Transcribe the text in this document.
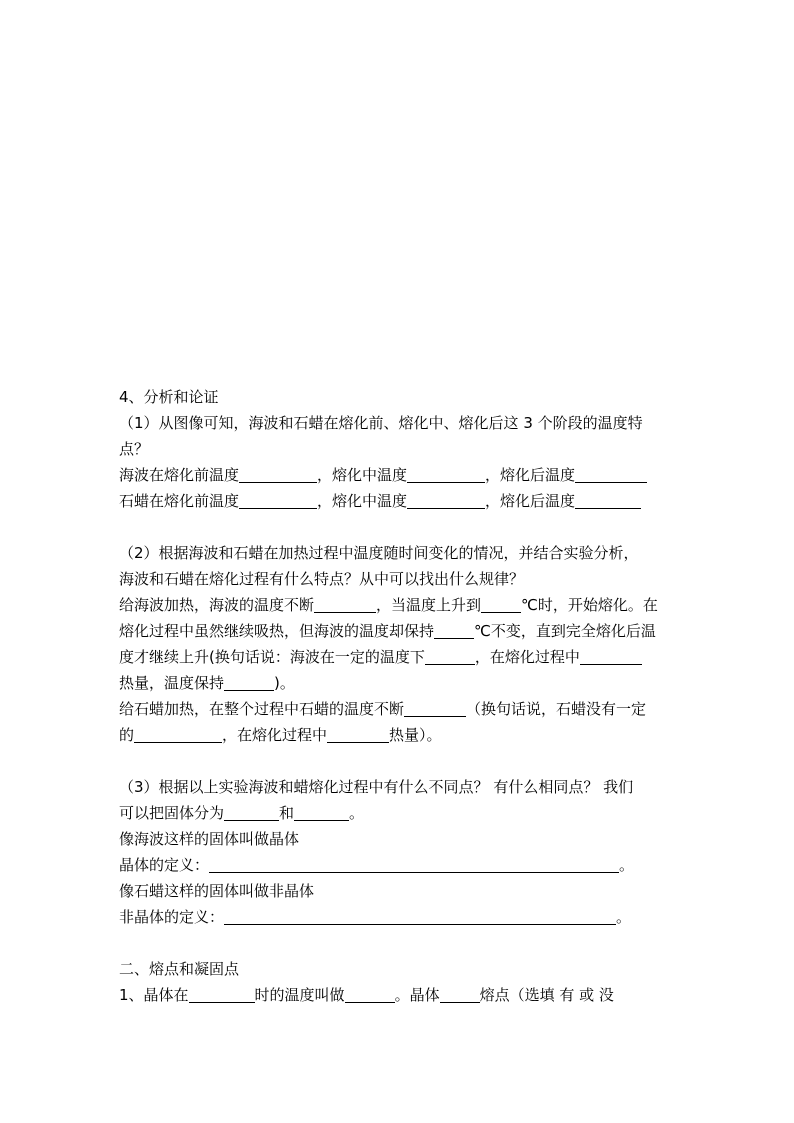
4、分析和论证
（1）从图像可知，海波和石蜡在熔化前、熔化中、熔化后这 3 个阶段的温度特
点？
海波在熔化前温度	，熔化中温度	，熔化后温度
石蜡在熔化前温度	，熔化中温度	，熔化后温度
（2）根据海波和石蜡在加热过程中温度随时间变化的情况，并结合实验分析，
海波和石蜡在熔化过程有什么特点？从中可以找出什么规律？
给海波加热，海波的温度不断	，当温度上升到	℃时，开始熔化。在
熔化过程中虽然继续吸热，但海波的温度却保持	℃不变，直到完全熔化后温
度才继续上升(换句话说：海波在一定的温度下	，在熔化过程中
热量，温度保持	)。
给石蜡加热，在整个过程中石蜡的温度不断	（换句话说，石蜡没有一定
的	，在熔化过程中	热量）。
（3）根据以上实验海波和蜡熔化过程中有什么不同点？ 有什么相同点？ 我们
可以把固体分为	和	。
像海波这样的固体叫做晶体
晶体的定义：	。
像石蜡这样的固体叫做非晶体
非晶体的定义：	。
二、熔点和凝固点
1、晶体在	时的温度叫做	。晶体	熔点（选填 有 或 没
